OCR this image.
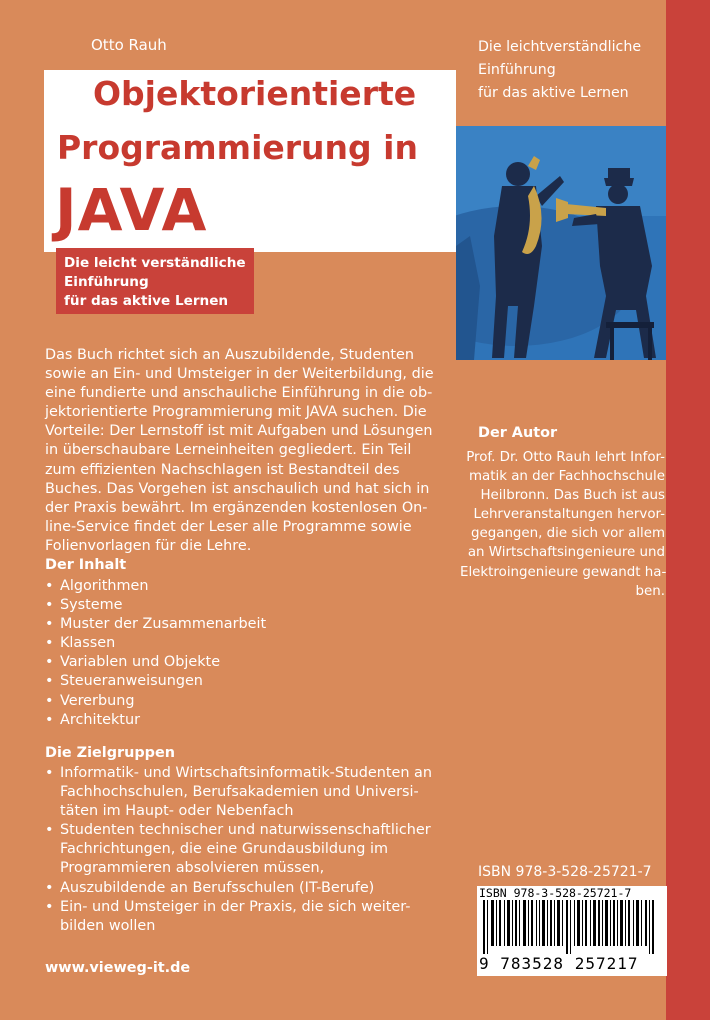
Otto Rauh
Objektorientierte
Programmierung in
JAVA
Die leicht verständliche
Einführung
für das aktive Lernen
Die leichtverständliche
Einführung
für das aktive Lernen
Das Buch richtet sich an Auszubildende, Studenten
sowie an Ein- und Umsteiger in der Weiterbildung, die
eine fundierte und anschauliche Einführung in die ob-
jektorientierte Programmierung mit JAVA suchen. Die
Vorteile: Der Lernstoff ist mit Aufgaben und Lösungen
in überschaubare Lerneinheiten gegliedert. Ein Teil
zum effizienten Nachschlagen ist Bestandteil des
Buches. Das Vorgehen ist anschaulich und hat sich in
der Praxis bewährt. Im ergänzenden kostenlosen On-
line-Service findet der Leser alle Programme sowie
Folienvorlagen für die Lehre.
Der Inhalt
• Algorithmen
• Systeme
• Muster der Zusammenarbeit
• Klassen
• Variablen und Objekte
• Steueranweisungen
• Vererbung
• Architektur
Die Zielgruppen
• Informatik- und Wirtschaftsinformatik-Studenten an
Fachhochschulen, Berufsakademien und Universi-
täten im Haupt- oder Nebenfach
• Studenten technischer und naturwissenschaftlicher
Fachrichtungen, die eine Grundausbildung im
Programmieren absolvieren müssen,
• Auszubildende an Berufsschulen (IT-Berufe)
• Ein- und Umsteiger in der Praxis, die sich weiter-
bilden wollen
www.vieweg-it.de
Der Autor
Prof. Dr. Otto Rauh lehrt Infor-
matik an der Fachhochschule
Heilbronn. Das Buch ist aus
Lehrveranstaltungen hervor-
gegangen, die sich vor allem
an Wirtschaftsingenieure und
Elektroingenieure gewandt ha-
ben.
ISBN 978-3-528-25721-7
ISBN 978-3-528-25721-7
9 783528 257217
